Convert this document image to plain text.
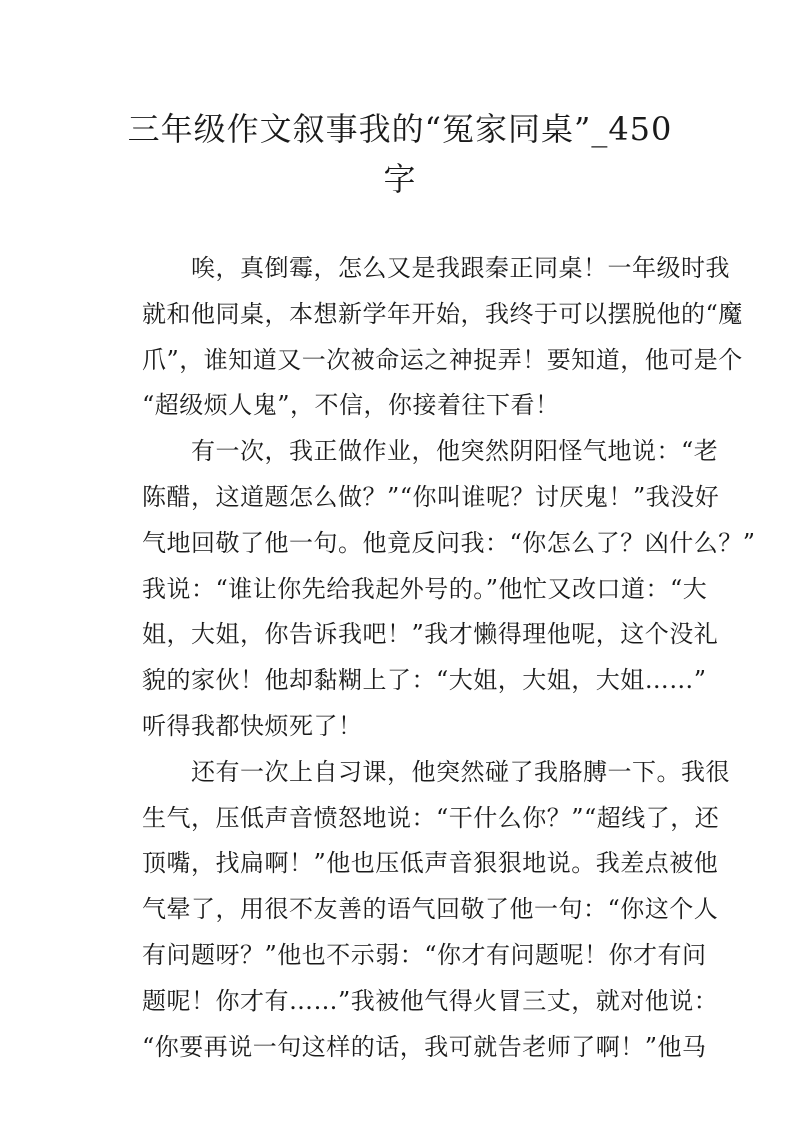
三年级作文叙事我的“冤家同桌”_450
字
　　唉，真倒霉，怎么又是我跟秦正同桌！一年级时我
就和他同桌，本想新学年开始，我终于可以摆脱他的“魔
爪”，谁知道又一次被命运之神捉弄！要知道，他可是个
“超级烦人鬼”，不信，你接着往下看！
　　有一次，我正做作业，他突然阴阳怪气地说：“老
陈醋，这道题怎么做？”“你叫谁呢？讨厌鬼！”我没好
气地回敬了他一句。他竟反问我：“你怎么了？凶什么？”
我说：“谁让你先给我起外号的。”他忙又改口道：“大
姐，大姐，你告诉我吧！”我才懒得理他呢，这个没礼
貌的家伙！他却黏糊上了：“大姐，大姐，大姐……”
听得我都快烦死了！
　　还有一次上自习课，他突然碰了我胳膊一下。我很
生气，压低声音愤怒地说：“干什么你？”“超线了，还
顶嘴，找扁啊！”他也压低声音狠狠地说。我差点被他
气晕了，用很不友善的语气回敬了他一句：“你这个人
有问题呀？”他也不示弱：“你才有问题呢！你才有问
题呢！你才有……”我被他气得火冒三丈，就对他说：
“你要再说一句这样的话，我可就告老师了啊！”他马
